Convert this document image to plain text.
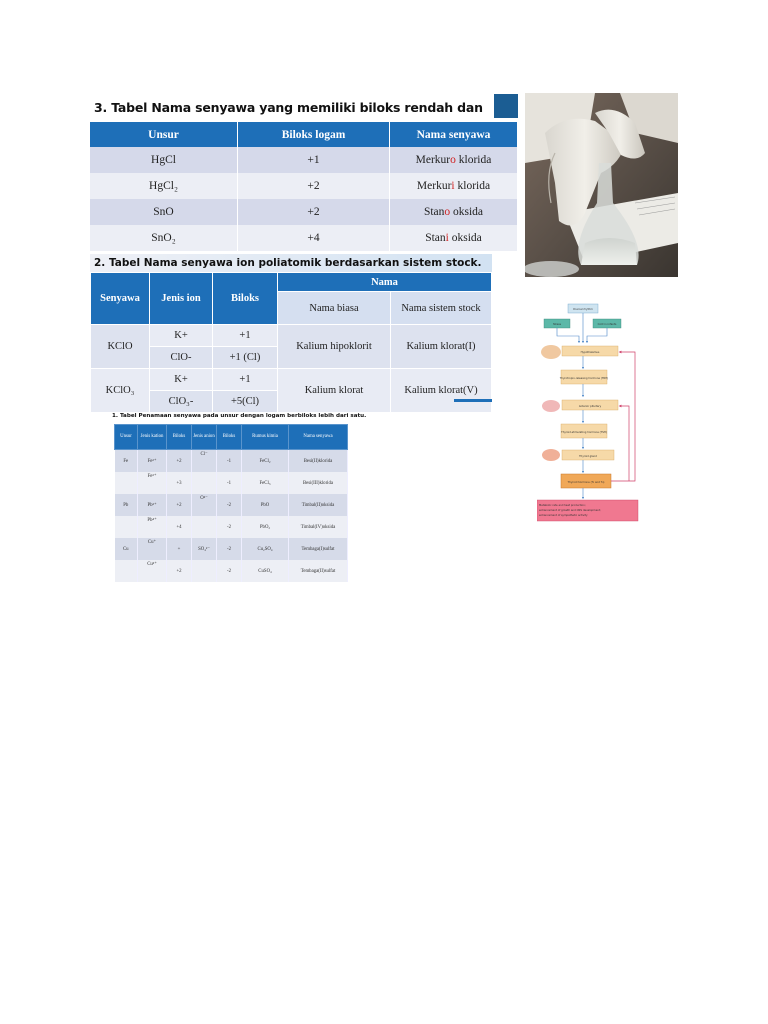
3. Tabel Nama senyawa yang memiliki biloks rendah dan
Unsur	Biloks logam	Nama senyawa
HgCl	+1	Merkuro klorida
HgCl₂	+2	Merkuri klorida
SnO	+2	Stano oksida
SnO₂	+4	Stani oksida
2. Tabel Nama senyawa ion poliatomik berdasarkan sistem stock.
Senyawa	Jenis ion	Biloks	Nama	
			Nama biasa	Nama sistem stock
KClO	K+	+1	Kalium hipoklorit	Kalium klorat(I)
	ClO-	+1 (Cl)		
KClO₃	K+	+1	Kalium klorat	Kalium klorat(V)
	ClO₃-	+5(Cl)		
1. Tabel Penamaan senyawa pada unsur dengan logam berbiloks lebih dari satu.
Unsur	Jenis kation	Biloks	Jenis anion	Biloks	Rumus kimia	Nama senyawa
Fe	Fe²⁺	+2	Cl⁻	-1	FeCl₂	Besi(II)klorida
	Fe³⁺	+3		-1	FeCl₃	Besi(III)klorida
Pb	Pb²⁺	+2	O²⁻	-2	PbO	Timbal(II)oksida
	Pb⁴⁺	+4		-2	PbO₂	Timbal(IV)oksida
Cu	Cu⁺	+	SO₄²⁻	-2	Cu₂SO₄	Tembaga(I)sulfat
	Cu²⁺	+2		-2	CuSO₄	Tembaga(II)sulfat
Diurnal rhythm
Stress	Cold in infants
Hypothalamus
Thyrotropin-releasing hormone (TRH)
Anterior pituitary
Thyroid-stimulating hormone (TSH)
Thyroid gland
Thyroid hormone (T₃ and T₄)
Metabolic rate and heat production;
enhancement of growth and CNS development;
enhancement of sympathetic activity
